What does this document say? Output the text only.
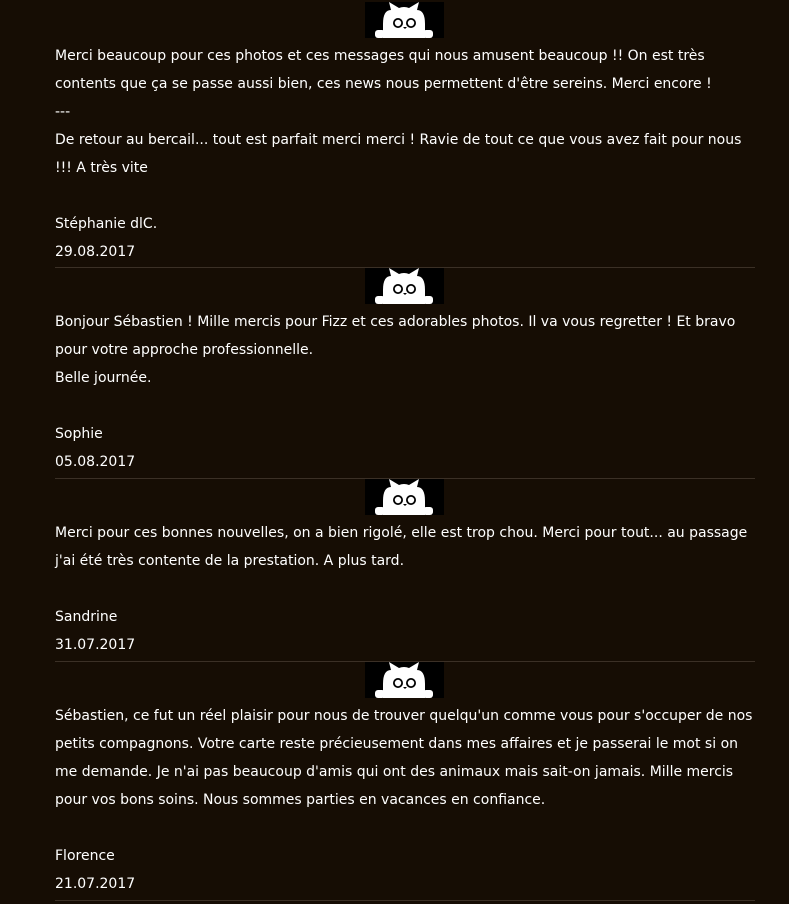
Merci beaucoup pour ces photos et ces messages qui nous amusent beaucoup !! On est très contents que ça se passe aussi bien, ces news nous permettent d'être sereins. Merci encore !
---
De retour au bercail... tout est parfait merci merci ! Ravie de tout ce que vous avez fait pour nous !!! A très vite

Stéphanie dlC.

29.08.2017

Bonjour Sébastien ! Mille mercis pour Fizz et ces adorables photos. Il va vous regretter ! Et bravo pour votre approche professionnelle.
Belle journée.

Sophie

05.08.2017

Merci pour ces bonnes nouvelles, on a bien rigolé, elle est trop chou. Merci pour tout... au passage j'ai été très contente de la prestation. A plus tard.

Sandrine

31.07.2017

Sébastien, ce fut un réel plaisir pour nous de trouver quelqu'un comme vous pour s'occuper de nos petits compagnons. Votre carte reste précieusement dans mes affaires et je passerai le mot si on me demande. Je n'ai pas beaucoup d'amis qui ont des animaux mais sait-on jamais. Mille mercis pour vos bons soins. Nous sommes parties en vacances en confiance.

Florence

21.07.2017
